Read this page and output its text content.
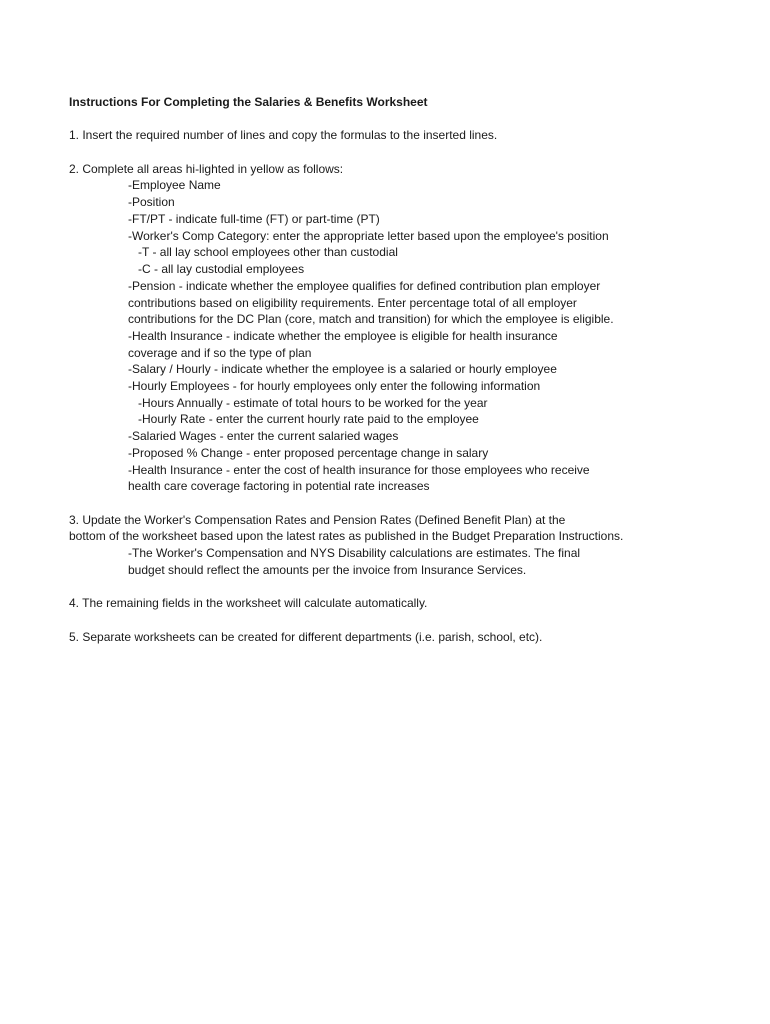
Instructions For Completing the Salaries & Benefits Worksheet
1. Insert the required number of lines and copy the formulas to the inserted lines.
2. Complete all areas hi-lighted in yellow as follows:
-Employee Name
-Position
-FT/PT - indicate full-time (FT) or part-time (PT)
-Worker's Comp Category: enter the appropriate letter based upon the employee's position
-T - all lay school employees other than custodial
-C - all lay custodial employees
-Pension - indicate whether the employee qualifies for defined contribution plan employer
contributions based on eligibility requirements. Enter percentage total of all employer
contributions for the DC Plan (core, match and transition) for which the employee is eligible.
-Health Insurance - indicate whether the employee is eligible for health insurance
coverage and if so the type of plan
-Salary / Hourly - indicate whether the employee is a salaried or hourly employee
-Hourly Employees - for hourly employees only enter the following information
-Hours Annually - estimate of total hours to be worked for the year
-Hourly Rate - enter the current hourly rate paid to the employee
-Salaried Wages - enter the current salaried wages
-Proposed % Change - enter proposed percentage change in salary
-Health Insurance - enter the cost of health insurance for those employees who receive
health care coverage factoring in potential rate increases
3. Update the Worker's Compensation Rates and Pension Rates (Defined Benefit Plan) at the
bottom of the worksheet based upon the latest rates as published in the Budget Preparation Instructions.
-The Worker's Compensation and NYS Disability calculations are estimates. The final
budget should reflect the amounts per the invoice from Insurance Services.
4. The remaining fields in the worksheet will calculate automatically.
5. Separate worksheets can be created for different departments (i.e. parish, school, etc).
